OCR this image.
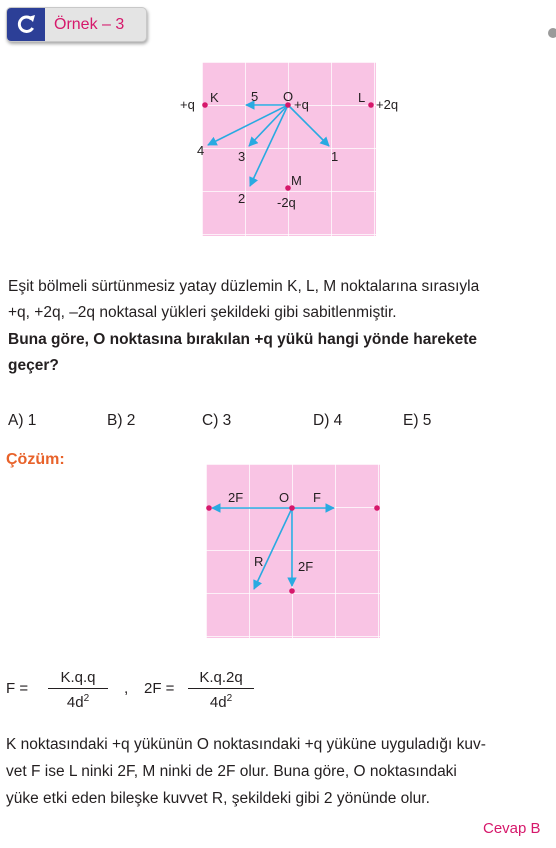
Örnek – 3
+q K 5 O
+q	L +2q
4	3	1
M
2 -2q
Eşit bölmeli sürtünmesiz yatay düzlemin K, L, M noktalarına sırasıyla
+q, +2q, –2q noktasal yükleri şekildeki gibi sabitlenmiştir.
Buna göre, O noktasına bırakılan +q yükü hangi yönde harekete
geçer?
A) 1	B) 2	C) 3	D) 4	E) 5
Çözüm:
2F	O F
R	2F
$F = \frac{K.q.q}{4d^2}$ , $2F = \frac{K.q.2q}{4d^2}$
K noktasındaki +q yükünün O noktasındaki +q yüküne uyguladığı kuv-
vet F ise L ninki 2F, M ninki de 2F olur. Buna göre, O noktasındaki
yüke etki eden bileşke kuvvet R, şekildeki gibi 2 yönünde olur.
Cevap B
